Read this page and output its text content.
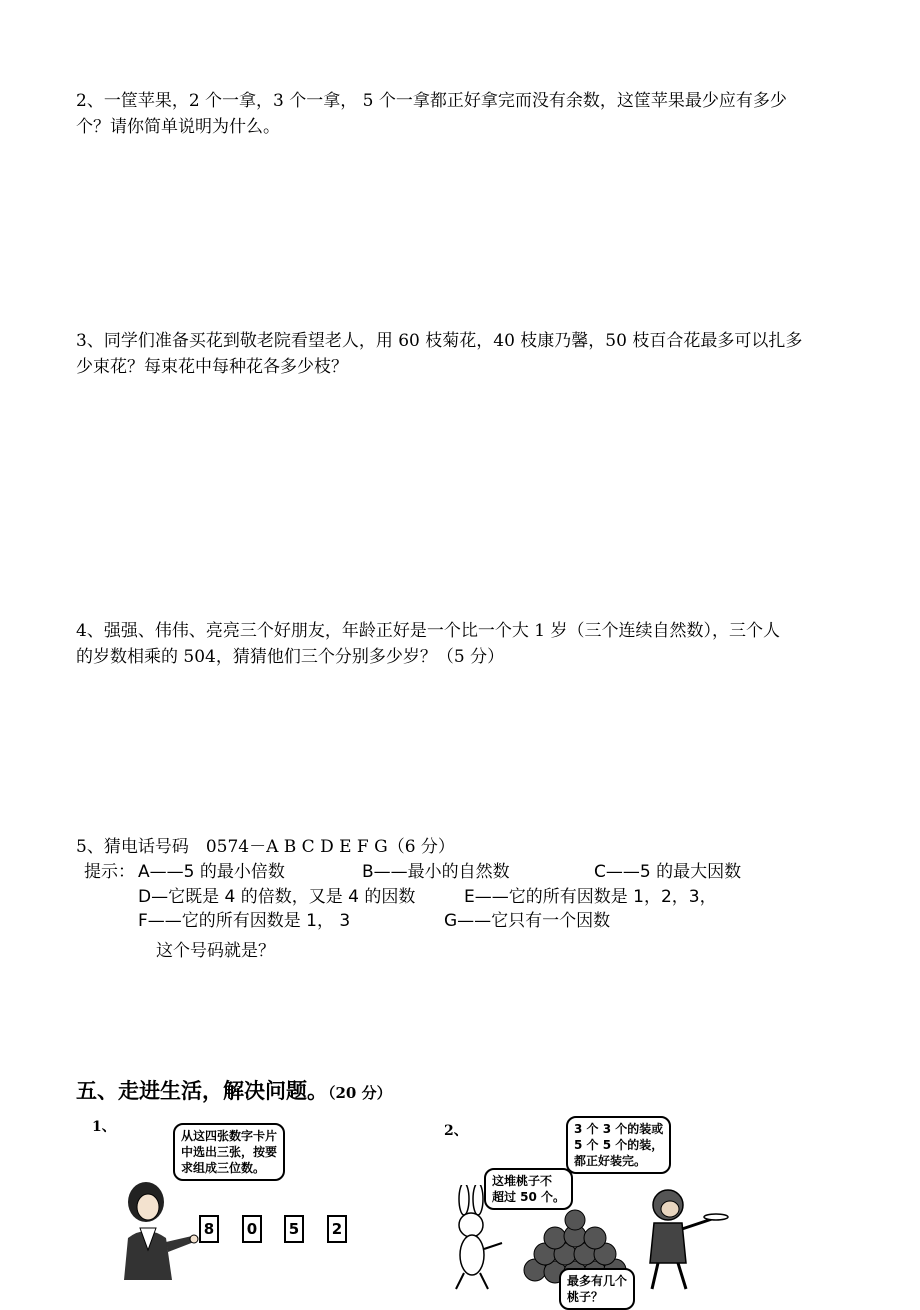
2、一筐苹果，2 个一拿，3 个一拿， 5 个一拿都正好拿完而没有余数，这筐苹果最少应有多少
个？请你简单说明为什么。
3、同学们准备买花到敬老院看望老人，用 60 枝菊花，40 枝康乃馨，50 枝百合花最多可以扎多
少束花？每束花中每种花各多少枝？
4、强强、伟伟、亮亮三个好朋友，年龄正好是一个比一个大 1 岁（三个连续自然数），三个人
的岁数相乘的 504，猜猜他们三个分别多少岁？（5 分）
5、猜电话号码　0574－A B C D E F G（6 分）
提示： A——5 的最小倍数	B——最小的自然数	C——5 的最大因数
D—它既是 4 的倍数，又是 4 的因数	E——它的所有因数是 1，2，3，
F——它的所有因数是 1， 3	G——它只有一个因数
这个号码就是？
五、走进生活，解决问题。（20 分）
1、
从这四张数字卡片
中选出三张，按要
求组成三位数。
8	0	5	2
2、	3 个 3 个的装或
5 个 5 个的装，
都正好装完。
这堆桃子不
超过 50 个。
最多有几个
桃子？
